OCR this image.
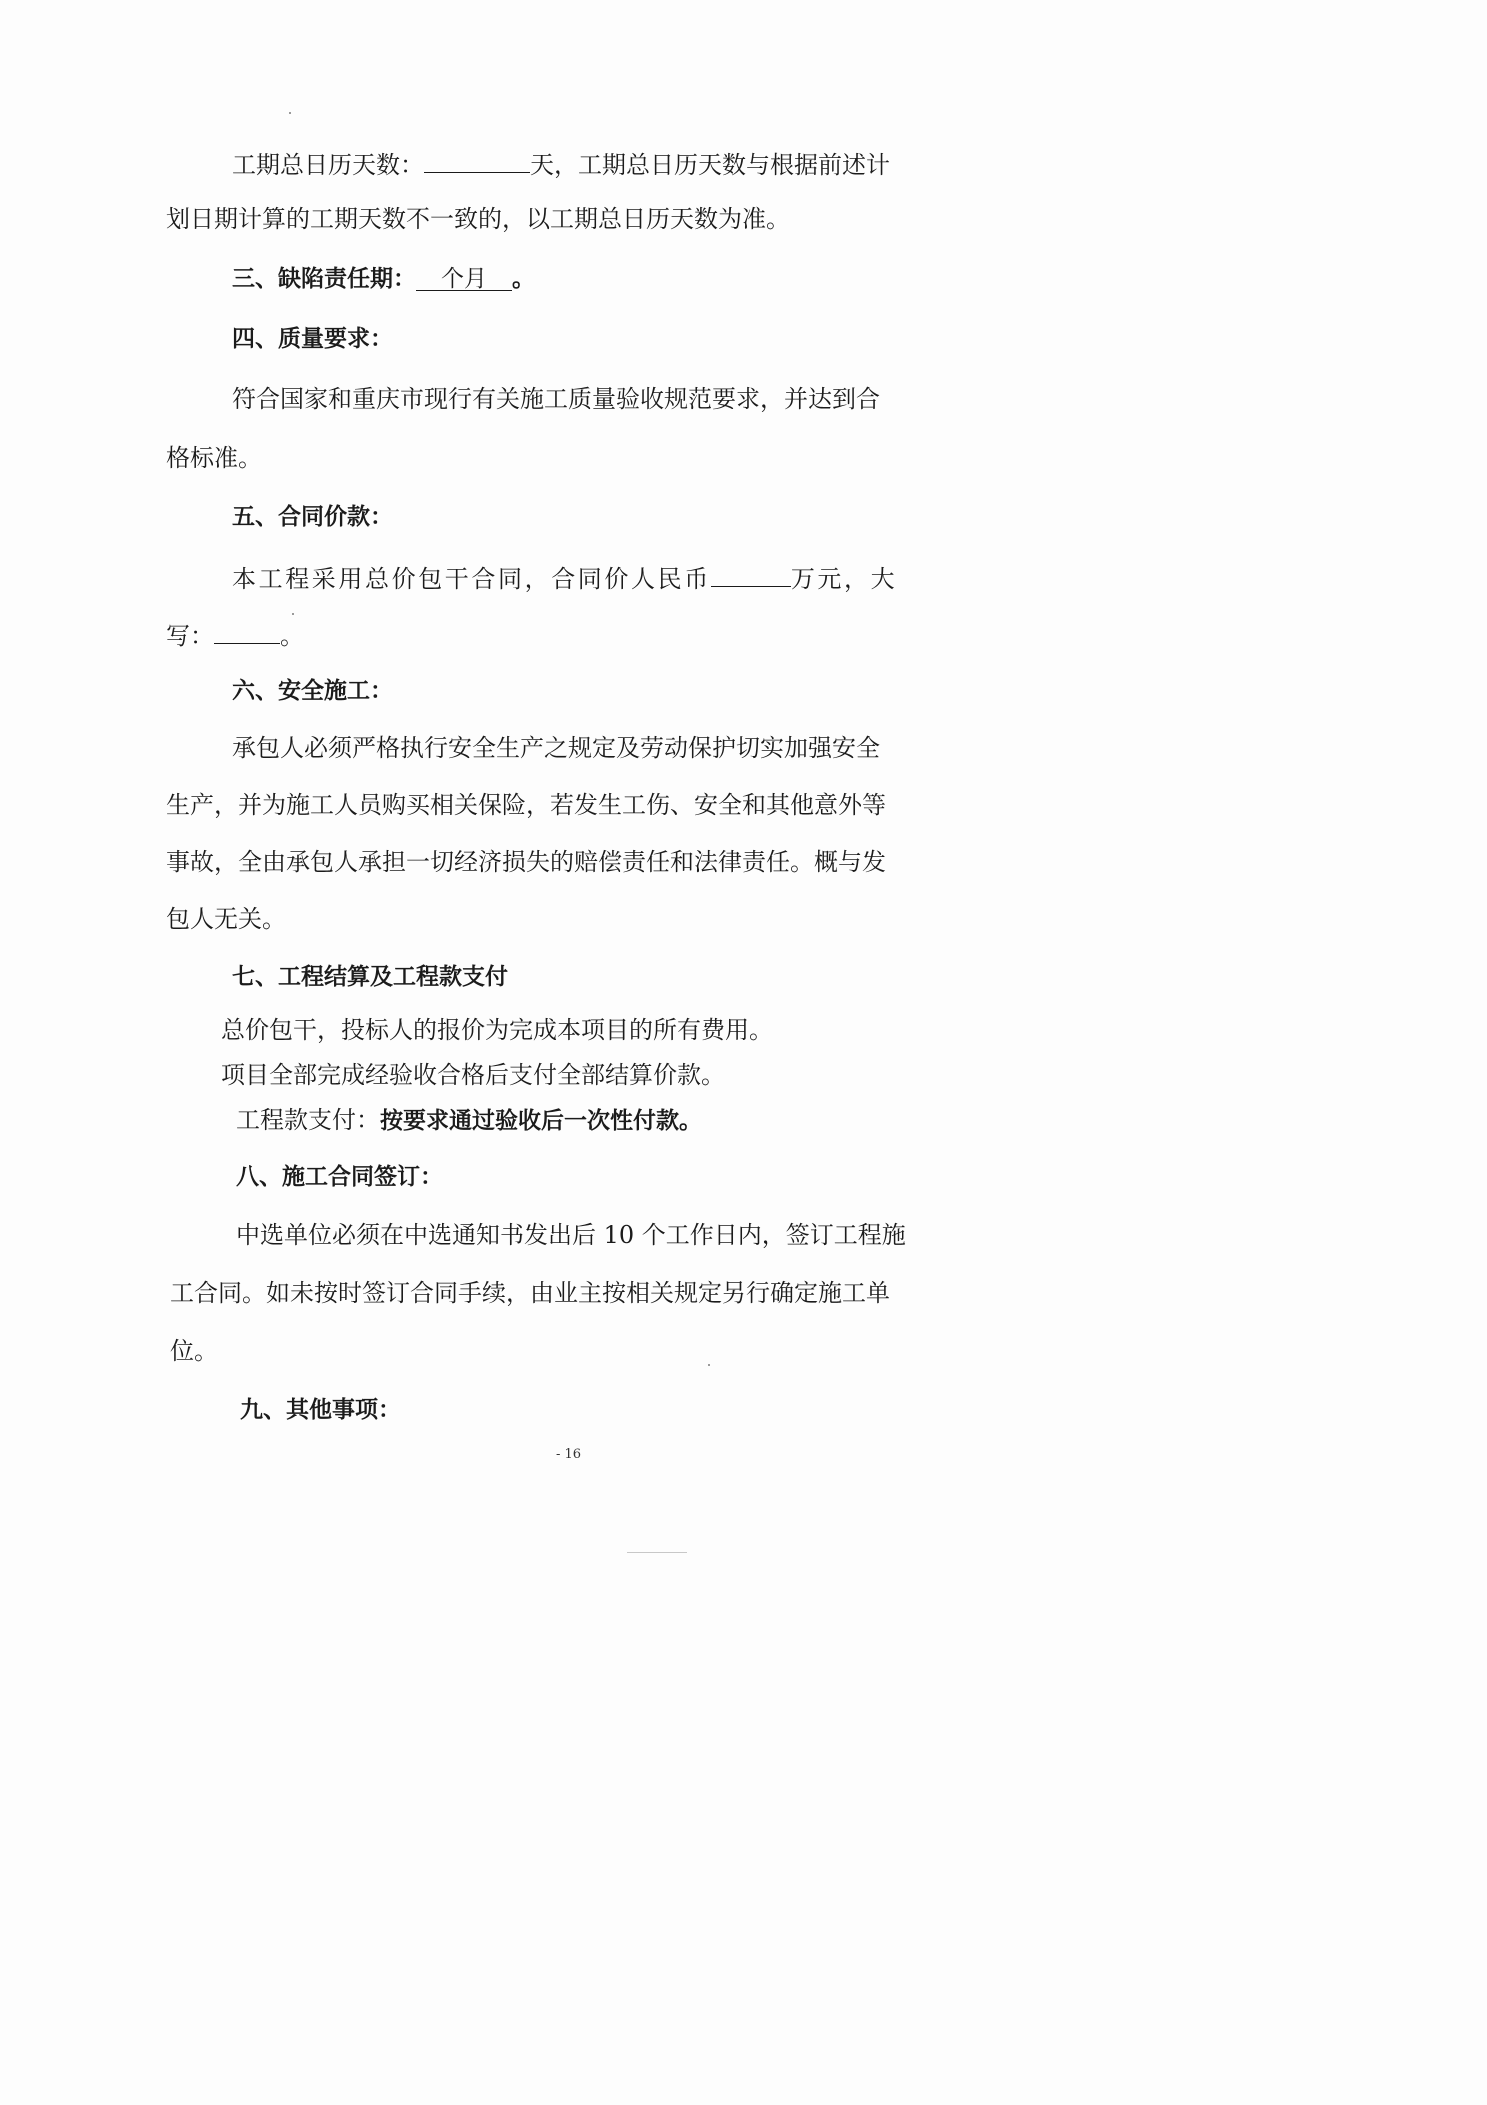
工期总日历天数：	天，工期总日历天数与根据前述计
划日期计算的工期天数不一致的，以工期总日历天数为准。
三、缺陷责任期： 个月 。
四、质量要求：
符合国家和重庆市现行有关施工质量验收规范要求，并达到合
格标准。
五、合同价款：
本工程采用总价包干合同，合同价人民币	万元，大
写：	。
六、安全施工：
承包人必须严格执行安全生产之规定及劳动保护切实加强安全
生产，并为施工人员购买相关保险，若发生工伤、安全和其他意外等
事故，全由承包人承担一切经济损失的赔偿责任和法律责任。概与发
包人无关。
七、工程结算及工程款支付
总价包干，投标人的报价为完成本项目的所有费用。
项目全部完成经验收合格后支付全部结算价款。
工程款支付：按要求通过验收后一次性付款。
八、施工合同签订：
中选单位必须在中选通知书发出后 10 个工作日内，签订工程施
工合同。如未按时签订合同手续，由业主按相关规定另行确定施工单
位。
九、其他事项：
- 16
